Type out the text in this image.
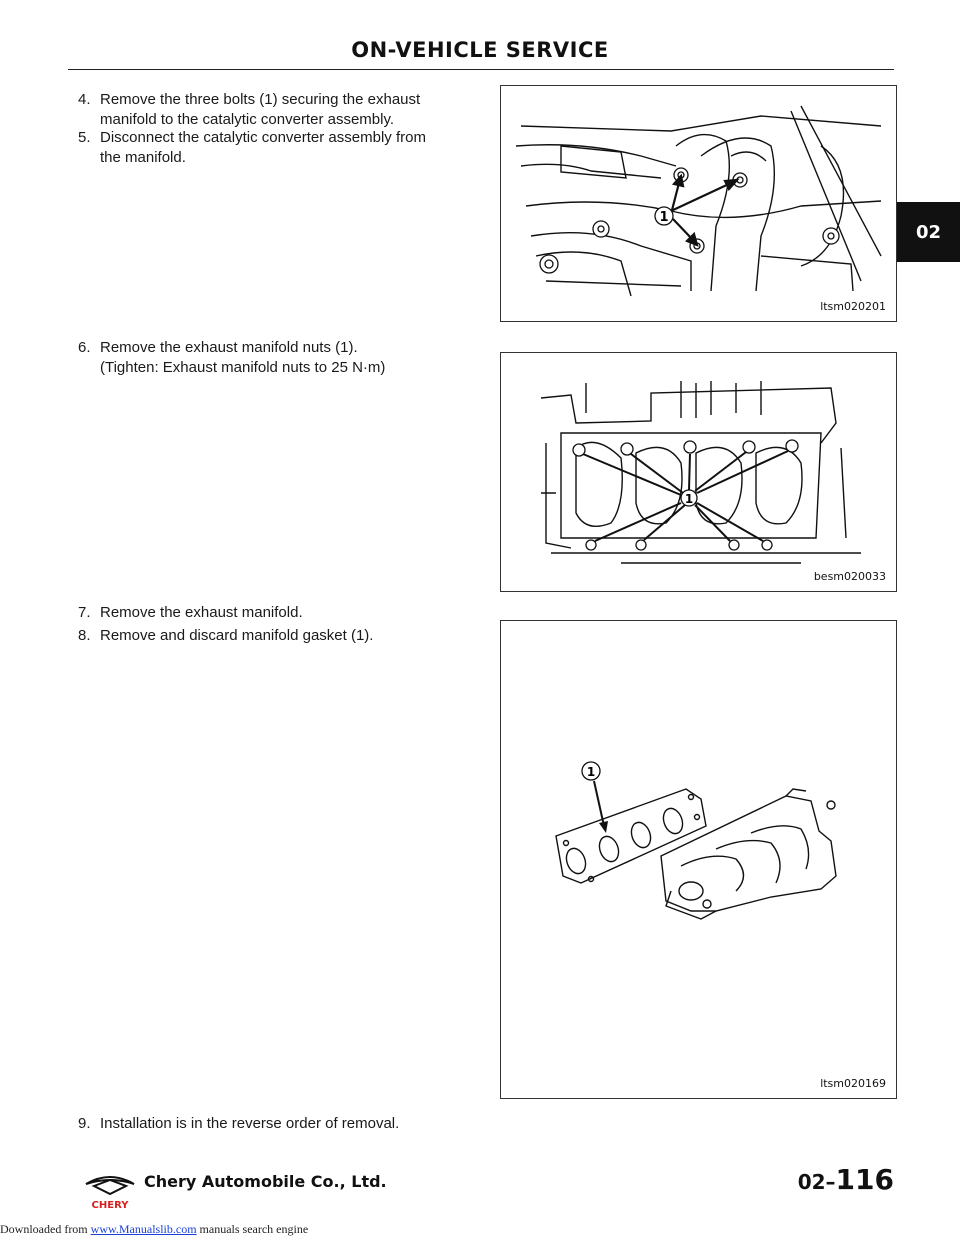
ON-VEHICLE SERVICE
02
4. Remove the three bolts (1) securing the exhaust
manifold to the catalytic converter assembly.
5. Disconnect the catalytic converter assembly from
the manifold.
6. Remove the exhaust manifold nuts (1).
(Tighten: Exhaust manifold nuts to 25 N·m)
7. Remove the exhaust manifold.
8. Remove and discard manifold gasket (1).
9. Installation is in the reverse order of removal.
1
ltsm020201
1
besm020033
1
ltsm020169
CHERY
Chery Automobile Co., Ltd.	02–116
Downloaded from www.Manualslib.com manuals search engine
